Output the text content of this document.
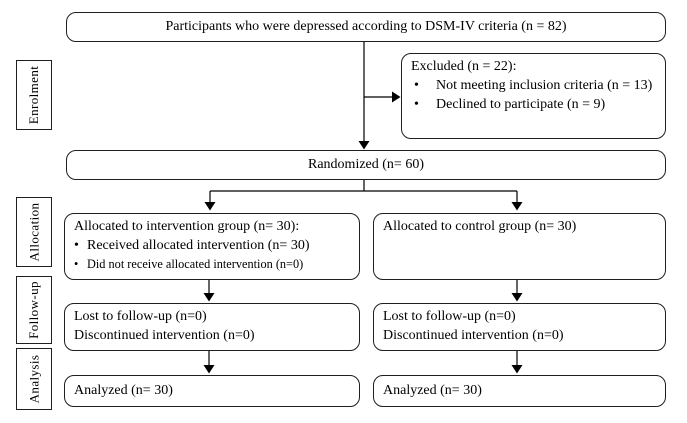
Enrolment
Allocation
Follow-up
Analysis
Participants who were depressed according to DSM-IV criteria (n = 82)
Excluded (n = 22):
• Not meeting inclusion criteria (n = 13)
• Declined to participate (n = 9)
Randomized (n= 60)
Allocated to intervention group (n= 30):
• Received allocated intervention (n= 30)
• Did not receive allocated intervention (n=0)
Allocated to control group (n= 30)
Lost to follow-up (n=0)
Discontinued intervention (n=0)
Lost to follow-up (n=0)
Discontinued intervention (n=0)
Analyzed (n= 30)	Analyzed (n= 30)
